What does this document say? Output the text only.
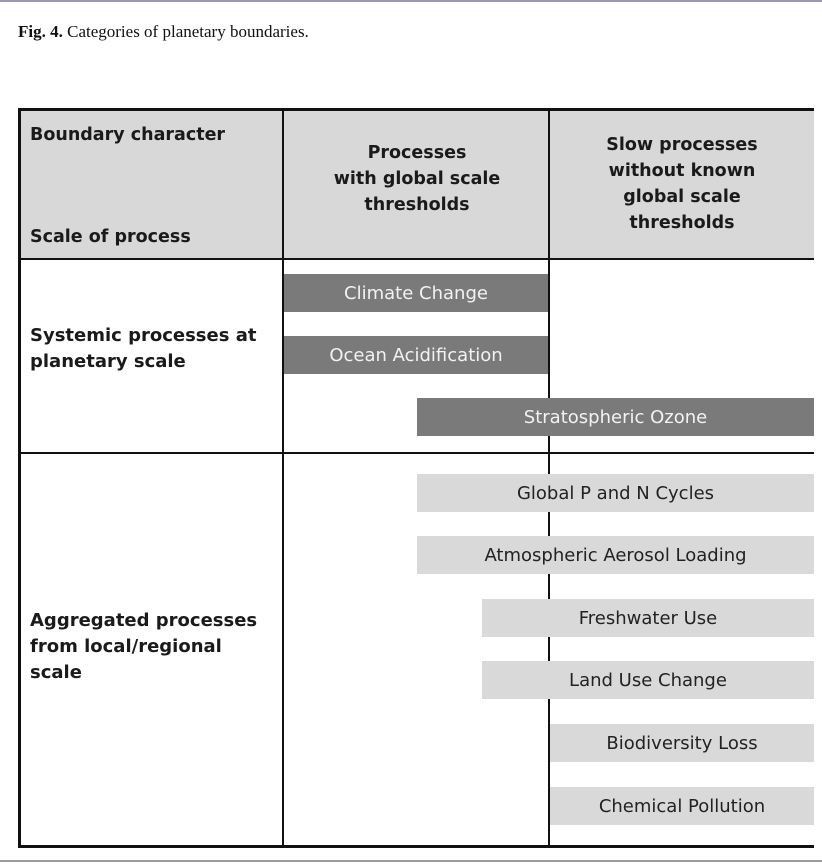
Fig. 4. Categories of planetary boundaries.
Boundary character
Scale of process
Processes
with global scale
thresholds
Slow processes
without known
global scale
thresholds
Systemic processes at
planetary scale
Aggregated processes
from local/regional
scale
Climate Change
Ocean Acidification
Stratospheric Ozone
Global P and N Cycles
Atmospheric Aerosol Loading
Freshwater Use
Land Use Change
Biodiversity Loss
Chemical Pollution
